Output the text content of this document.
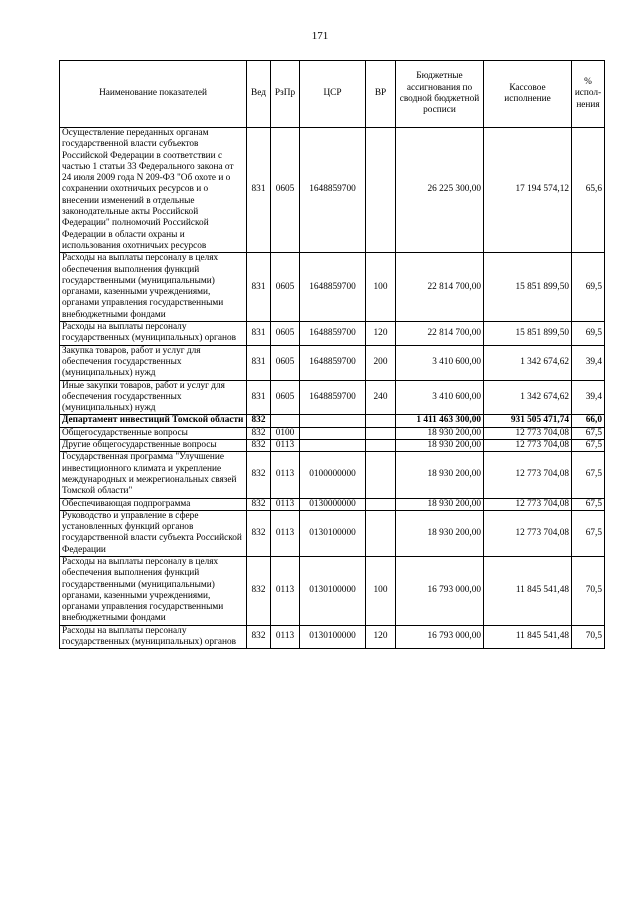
171
Наименование показателей	Вед	РзПр	ЦСР	ВР	Бюджетные ассигнования по сводной бюджетной росписи	Кассовое исполнение	% испол-нения
Осуществление переданных органам государственной власти субъектов Российской Федерации в соответствии с частью 1 статьи 33 Федерального закона от 24 июля 2009 года N 209-ФЗ "Об охоте и о сохранении охотничьих ресурсов и о внесении изменений в отдельные законодательные акты Российской Федерации" полномочий Российской Федерации в области охраны и использования охотничьих ресурсов	831	0605	1648859700		26 225 300,00	17 194 574,12	65,6
Расходы на выплаты персоналу в целях обеспечения выполнения функций государственными (муниципальными) органами, казенными учреждениями, органами управления государственными внебюджетными фондами	831	0605	1648859700	100	22 814 700,00	15 851 899,50	69,5
Расходы на выплаты персоналу государственных (муниципальных) органов	831	0605	1648859700	120	22 814 700,00	15 851 899,50	69,5
Закупка товаров, работ и услуг для обеспечения государственных (муниципальных) нужд	831	0605	1648859700	200	3 410 600,00	1 342 674,62	39,4
Иные закупки товаров, работ и услуг для обеспечения государственных (муниципальных) нужд	831	0605	1648859700	240	3 410 600,00	1 342 674,62	39,4
Департамент инвестиций Томской области	832				1 411 463 300,00	931 505 471,74	66,0
Общегосударственные вопросы	832	0100			18 930 200,00	12 773 704,08	67,5
Другие общегосударственные вопросы	832	0113			18 930 200,00	12 773 704,08	67,5
Государственная программа "Улучшение инвестиционного климата и укрепление международных и межрегиональных связей Томской области"	832	0113	0100000000		18 930 200,00	12 773 704,08	67,5
Обеспечивающая подпрограмма	832	0113	0130000000		18 930 200,00	12 773 704,08	67,5
Руководство и управление в сфере установленных функций органов государственной власти субъекта Российской Федерации	832	0113	0130100000		18 930 200,00	12 773 704,08	67,5
Расходы на выплаты персоналу в целях обеспечения выполнения функций государственными (муниципальными) органами, казенными учреждениями, органами управления государственными внебюджетными фондами	832	0113	0130100000	100	16 793 000,00	11 845 541,48	70,5
Расходы на выплаты персоналу государственных (муниципальных) органов	832	0113	0130100000	120	16 793 000,00	11 845 541,48	70,5
